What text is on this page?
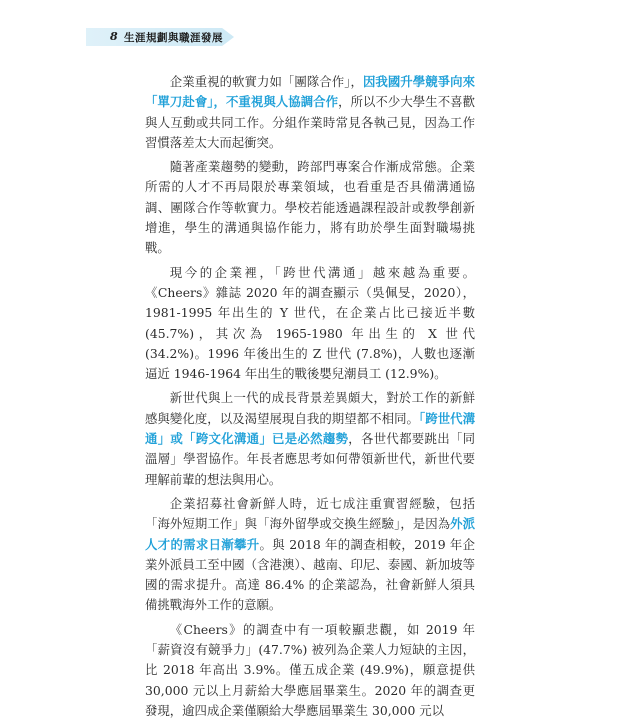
8 生涯規劃與職涯發展

企業重視的軟實力如「團隊合作」，因我國升學競爭向來「單刀赴會」，不重視與人協調合作，所以不少大學生不喜歡與人互動或共同工作。分組作業時常見各執己見，因為工作習慣落差太大而起衝突。

隨著產業趨勢的變動，跨部門專案合作漸成常態。企業所需的人才不再局限於專業領域，也看重是否具備溝通協調、團隊合作等軟實力。學校若能透過課程設計或教學創新增進，學生的溝通與協作能力，將有助於學生面對職場挑戰。

現今的企業裡，「跨世代溝通」越來越為重要。《Cheers》雜誌 2020 年的調查顯示（吳佩旻，2020），1981-1995 年出生的 Y 世代，在企業占比已接近半數 (45.7%)，其次為 1965-1980 年出生的 X 世代 (34.2%)。1996 年後出生的 Z 世代 (7.8%)，人數也逐漸逼近 1946-1964 年出生的戰後嬰兒潮員工 (12.9%)。

新世代與上一代的成長背景差異頗大，對於工作的新鮮感與變化度，以及渴望展現自我的期望都不相同。「跨世代溝通」或「跨文化溝通」已是必然趨勢，各世代都要跳出「同溫層」學習協作。年長者應思考如何帶領新世代，新世代要理解前輩的想法與用心。

企業招募社會新鮮人時，近七成注重實習經驗，包括「海外短期工作」與「海外留學或交換生經驗」，是因為外派人才的需求日漸攀升。與 2018 年的調查相較，2019 年企業外派員工至中國（含港澳）、越南、印尼、泰國、新加坡等國的需求提升。高達 86.4% 的企業認為，社會新鮮人須具備挑戰海外工作的意願。

《Cheers》的調查中有一項較顯悲觀，如 2019 年「薪資沒有競爭力」(47.7%) 被列為企業人力短缺的主因，比 2018 年高出 3.9%。僅五成企業 (49.9%)，願意提供 30,000 元以上月薪給大學應屆畢業生。2020 年的調查更發現，逾四成企業僅願給大學應屆畢業生 30,000 元以
